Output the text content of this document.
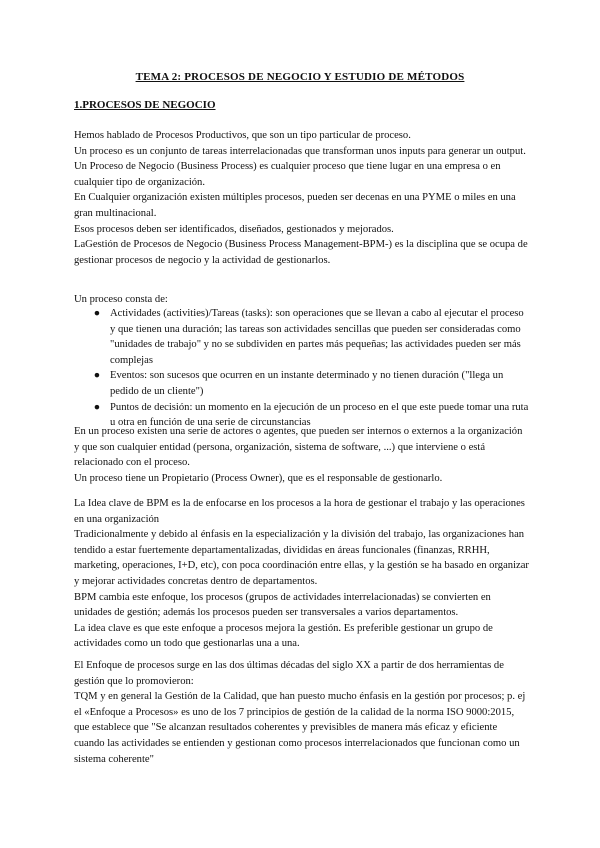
TEMA 2: PROCESOS DE NEGOCIO Y ESTUDIO DE MÉTODOS
1.PROCESOS DE NEGOCIO

Hemos hablado de Procesos Productivos, que son un tipo particular de proceso.

Un proceso es un conjunto de tareas interrelacionadas que transforman unos inputs para generar un output.

Un Proceso de Negocio (Business Process) es cualquier proceso que tiene lugar en una empresa o en cualquier tipo de organización.

En Cualquier organización existen múltiples procesos, pueden ser decenas en una PYME o miles en una gran multinacional.

Esos procesos deben ser identificados, diseñados, gestionados y mejorados.

LaGestión de Procesos de Negocio (Business Process Management-BPM-) es la disciplina que se ocupa de gestionar procesos de negocio y la actividad de gestionarlos.

Un proceso consta de:
● Actividades (activities)/Tareas (tasks): son operaciones que se llevan a cabo al ejecutar el proceso y que tienen una duración; las tareas son actividades sencillas que pueden ser consideradas como "unidades de trabajo" y no se subdividen en partes más pequeñas; las actividades pueden ser más complejas
● Eventos: son sucesos que ocurren en un instante determinado y no tienen duración ("llega un pedido de un cliente")
● Puntos de decisión: un momento en la ejecución de un proceso en el que este puede tomar una ruta u otra en función de una serie de circunstancias

En un proceso existen una serie de actores o agentes, que pueden ser internos o externos a la organización y que son cualquier entidad (persona, organización, sistema de software, ...) que interviene o está relacionado con el proceso.

Un proceso tiene un Propietario (Process Owner), que es el responsable de gestionarlo.

La Idea clave de BPM es la de enfocarse en los procesos a la hora de gestionar el trabajo y las operaciones en una organización

Tradicionalmente y debido al énfasis en la especialización y la división del trabajo, las organizaciones han tendido a estar fuertemente departamentalizadas, divididas en áreas funcionales (finanzas, RRHH, marketing, operaciones, I+D, etc), con poca coordinación entre ellas, y la gestión se ha basado en organizar y mejorar actividades concretas dentro de departamentos.

BPM cambia este enfoque, los procesos (grupos de actividades interrelacionadas) se convierten en unidades de gestión; además los procesos pueden ser transversales a varios departamentos.

La idea clave es que este enfoque a procesos mejora la gestión. Es preferible gestionar un grupo de actividades como un todo que gestionarlas una a una.

El Enfoque de procesos surge en las dos últimas décadas del siglo XX a partir de dos herramientas de gestión que lo promovieron:

TQM y en general la Gestión de la Calidad, que han puesto mucho énfasis en la gestión por procesos; p. ej el «Enfoque a Procesos» es uno de los 7 principios de gestión de la calidad de la norma ISO 9000:2015, que establece que "Se alcanzan resultados coherentes y previsibles de manera más eficaz y eficiente cuando las actividades se entienden y gestionan como procesos interrelacionados que funcionan como un sistema coherente"
